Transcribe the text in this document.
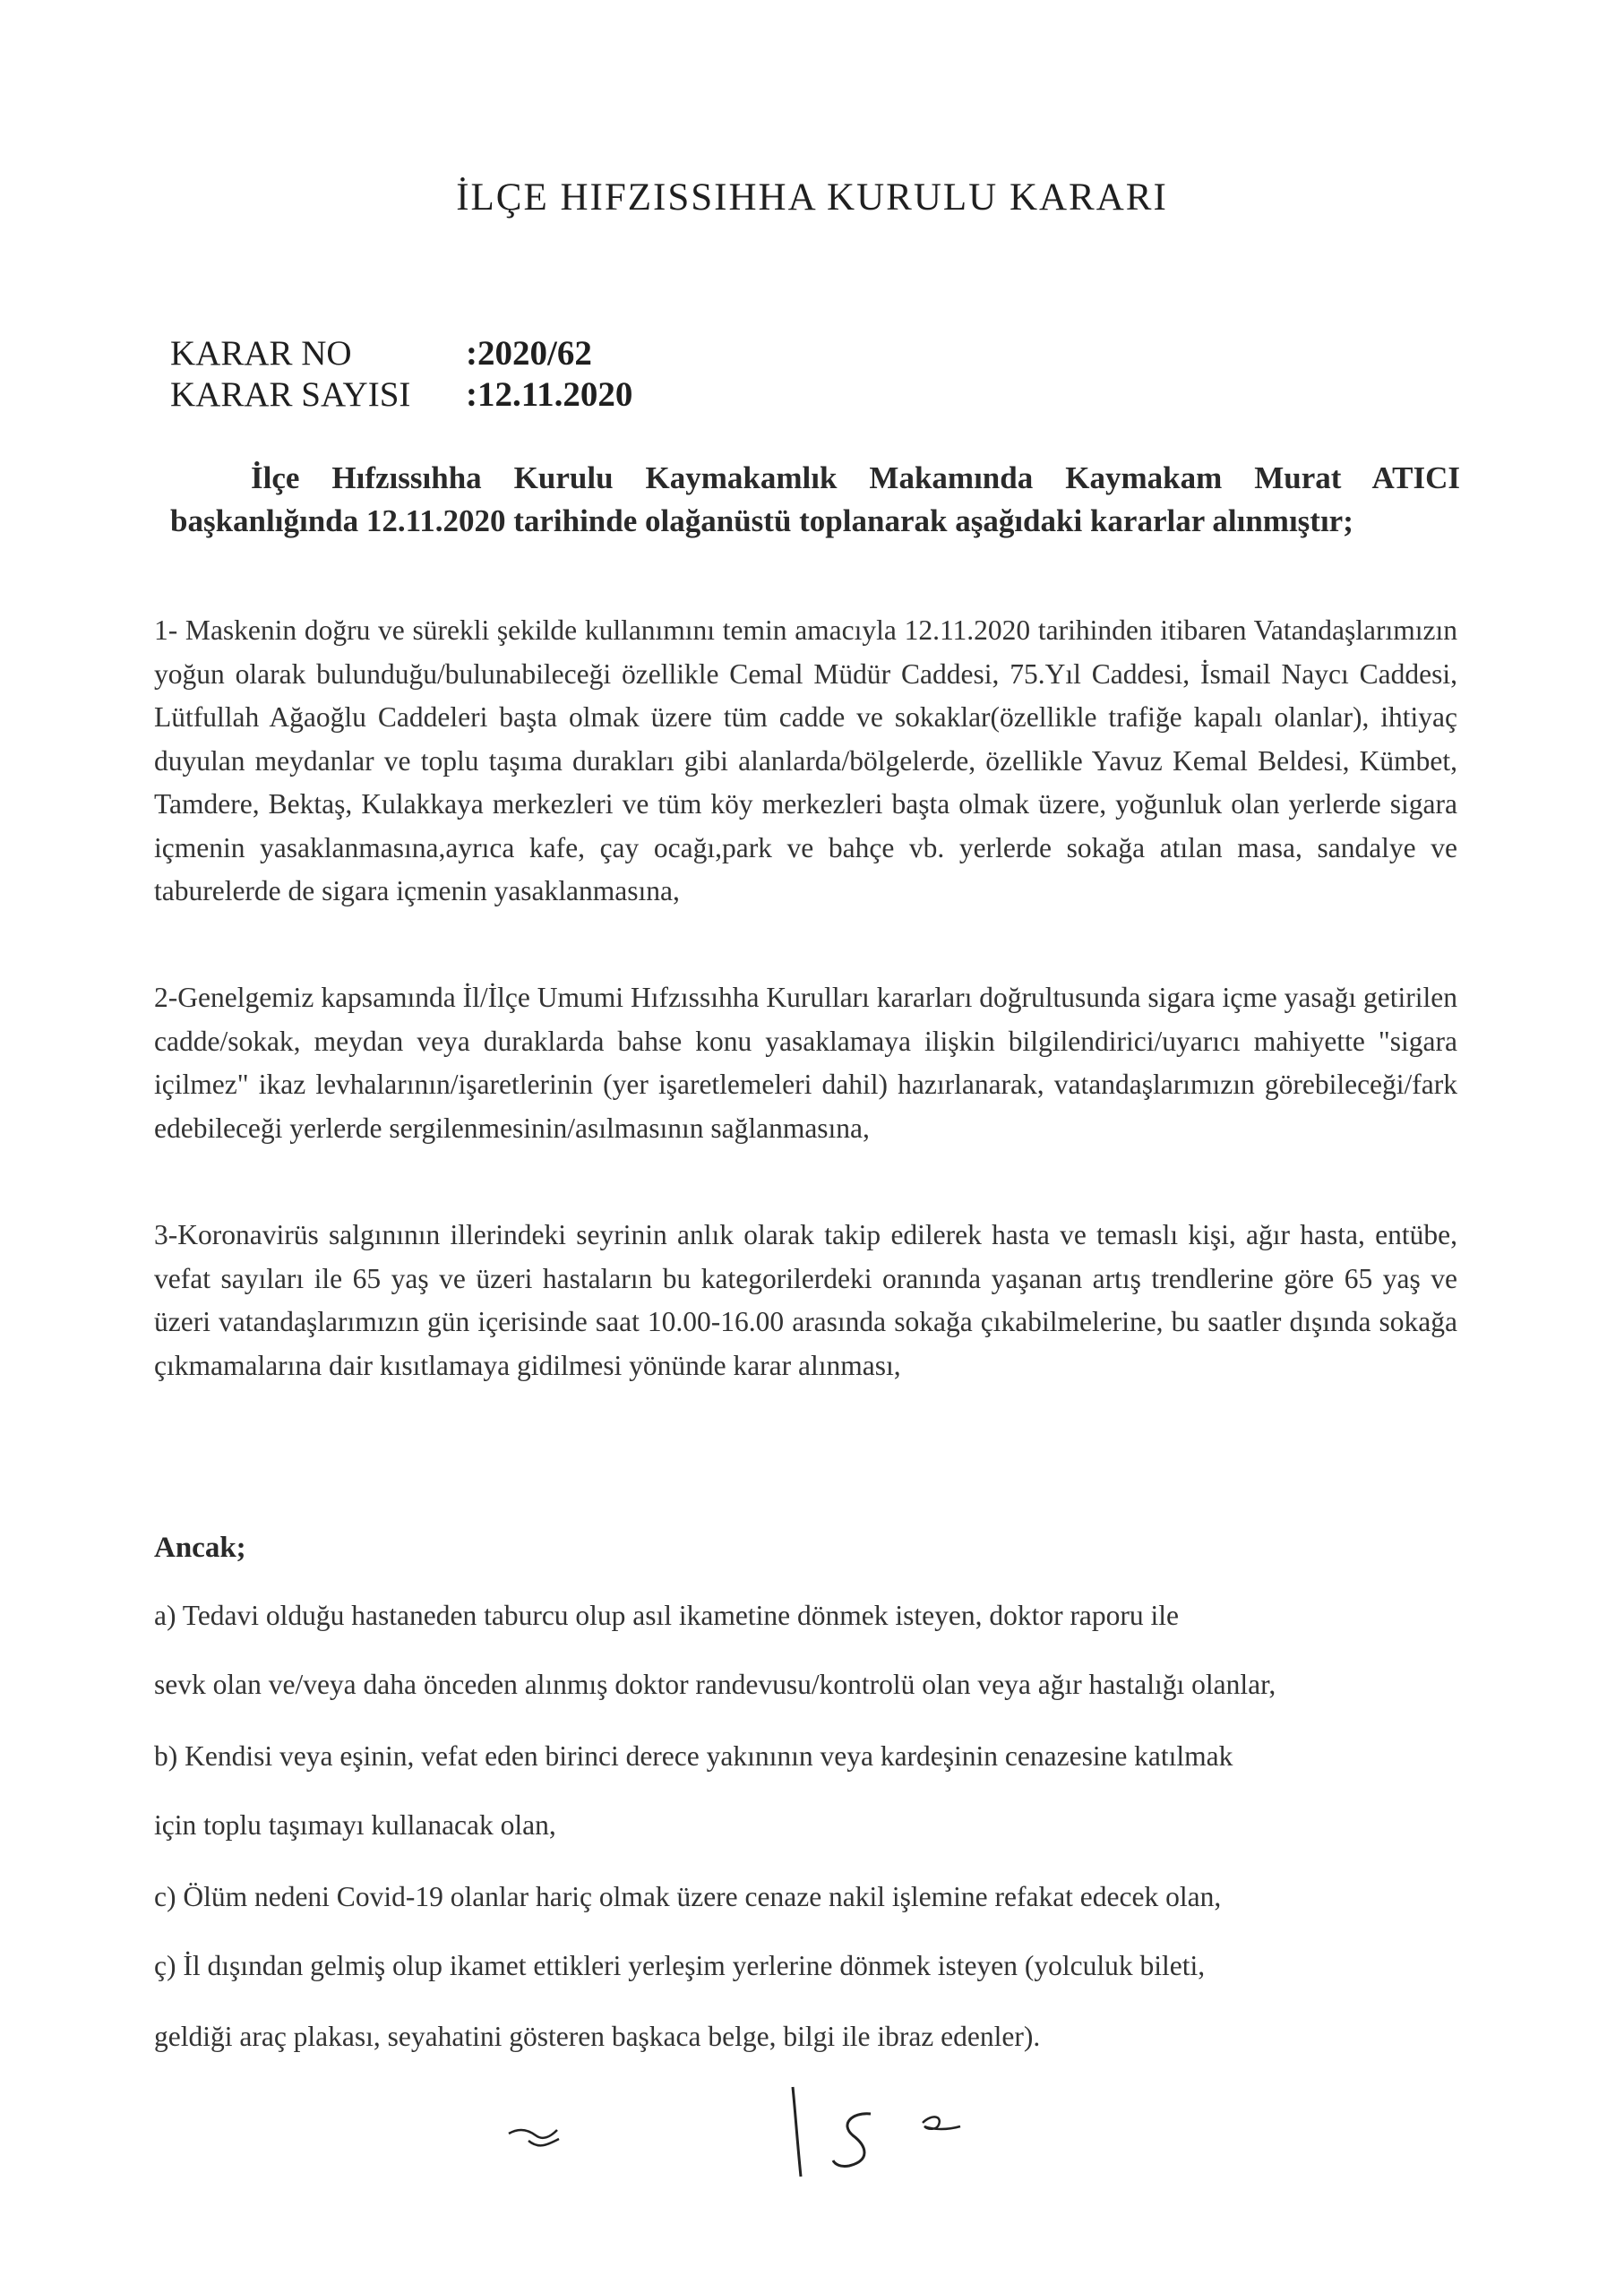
İLÇE HIFZISSIHHA KURULU KARARI
KARAR NO	:2020/62
KARAR SAYISI :12.11.2020
İlçe Hıfzıssıhha Kurulu Kaymakamlık Makamında Kaymakam Murat ATICI başkanlığında 12.11.2020 tarihinde olağanüstü toplanarak aşağıdaki kararlar alınmıştır;
1- Maskenin doğru ve sürekli şekilde kullanımını temin amacıyla 12.11.2020 tarihinden itibaren Vatandaşlarımızın yoğun olarak bulunduğu/bulunabileceği özellikle Cemal Müdür Caddesi, 75.Yıl Caddesi, İsmail Naycı Caddesi, Lütfullah Ağaoğlu Caddeleri başta olmak üzere tüm cadde ve sokaklar(özellikle trafiğe kapalı olanlar), ihtiyaç duyulan meydanlar ve toplu taşıma durakları gibi alanlarda/bölgelerde, özellikle Yavuz Kemal Beldesi, Kümbet, Tamdere, Bektaş, Kulakkaya merkezleri ve tüm köy merkezleri başta olmak üzere, yoğunluk olan yerlerde sigara içmenin yasaklanmasına,ayrıca kafe, çay ocağı,park ve bahçe vb. yerlerde sokağa atılan masa, sandalye ve taburelerde de sigara içmenin yasaklanmasına,
2-Genelgemiz kapsamında İl/İlçe Umumi Hıfzıssıhha Kurulları kararları doğrultusunda sigara içme yasağı getirilen cadde/sokak, meydan veya duraklarda bahse konu yasaklamaya ilişkin bilgilendirici/uyarıcı mahiyette "sigara içilmez" ikaz levhalarının/işaretlerinin (yer işaretlemeleri dahil) hazırlanarak, vatandaşlarımızın görebileceği/fark edebileceği yerlerde sergilenmesinin/asılmasının sağlanmasına,
3-Koronavirüs salgınının illerindeki seyrinin anlık olarak takip edilerek hasta ve temaslı kişi, ağır hasta, entübe, vefat sayıları ile 65 yaş ve üzeri hastaların bu kategorilerdeki oranında yaşanan artış trendlerine göre 65 yaş ve üzeri vatandaşlarımızın gün içerisinde saat 10.00-16.00 arasında sokağa çıkabilmelerine, bu saatler dışında sokağa çıkmamalarına dair kısıtlamaya gidilmesi yönünde karar alınması,
Ancak;
a) Tedavi olduğu hastaneden taburcu olup asıl ikametine dönmek isteyen, doktor raporu ile
sevk olan ve/veya daha önceden alınmış doktor randevusu/kontrolü olan veya ağır hastalığı olanlar,
b) Kendisi veya eşinin, vefat eden birinci derece yakınının veya kardeşinin cenazesine katılmak
için toplu taşımayı kullanacak olan,
c) Ölüm nedeni Covid-19 olanlar hariç olmak üzere cenaze nakil işlemine refakat edecek olan,
ç) İl dışından gelmiş olup ikamet ettikleri yerleşim yerlerine dönmek isteyen (yolculuk bileti,
geldiği araç plakası, seyahatini gösteren başkaca belge, bilgi ile ibraz edenler).
